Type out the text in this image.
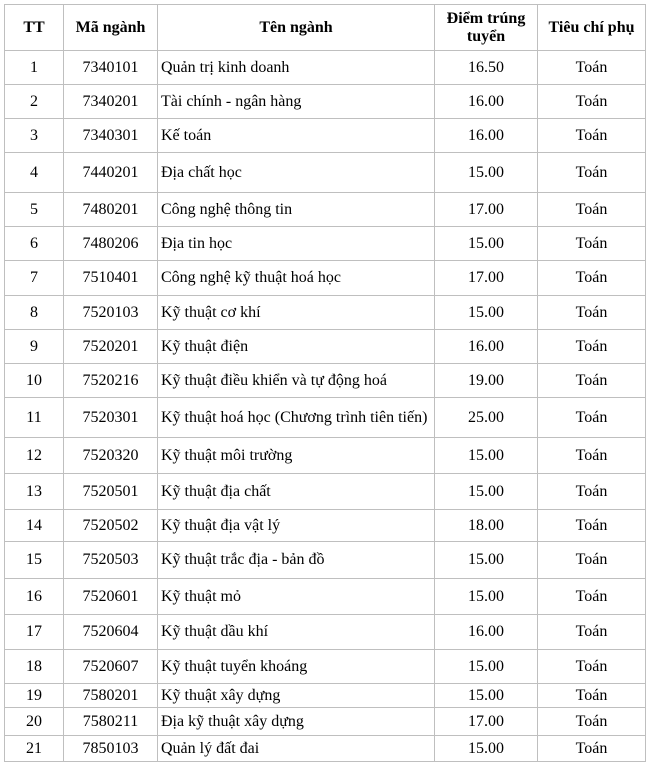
TT	Mã ngành	Tên ngành	Điểm trúng tuyển	Tiêu chí phụ
1	7340101	Quản trị kinh doanh	16.50	Toán
2	7340201	Tài chính - ngân hàng	16.00	Toán
3	7340301	Kế toán	16.00	Toán
4	7440201	Địa chất học	15.00	Toán
5	7480201	Công nghệ thông tin	17.00	Toán
6	7480206	Địa tin học	15.00	Toán
7	7510401	Công nghệ kỹ thuật hoá học	17.00	Toán
8	7520103	Kỹ thuật cơ khí	15.00	Toán
9	7520201	Kỹ thuật điện	16.00	Toán
10	7520216	Kỹ thuật điều khiển và tự động hoá	19.00	Toán
11	7520301	Kỹ thuật hoá học (Chương trình tiên tiến)	25.00	Toán
12	7520320	Kỹ thuật môi trường	15.00	Toán
13	7520501	Kỹ thuật địa chất	15.00	Toán
14	7520502	Kỹ thuật địa vật lý	18.00	Toán
15	7520503	Kỹ thuật trắc địa - bản đồ	15.00	Toán
16	7520601	Kỹ thuật mỏ	15.00	Toán
17	7520604	Kỹ thuật dầu khí	16.00	Toán
18	7520607	Kỹ thuật tuyển khoáng	15.00	Toán
19	7580201	Kỹ thuật xây dựng	15.00	Toán
20	7580211	Địa kỹ thuật xây dựng	17.00	Toán
21	7850103	Quản lý đất đai	15.00	Toán
